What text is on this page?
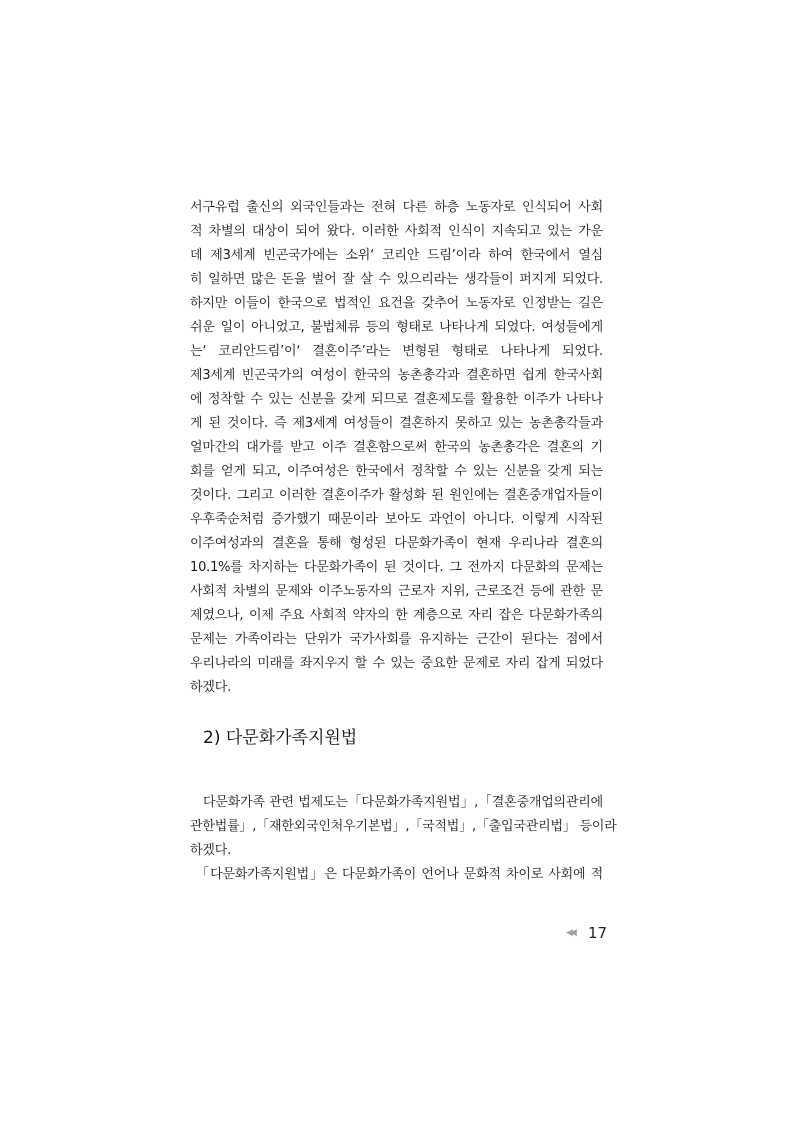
서구유럽 출신의 외국인들과는 전혀 다른 하층 노동자로 인식되어 사회
적 차별의 대상이 되어 왔다. 이러한 사회적 인식이 지속되고 있는 가운
데 제3세계 빈곤국가에는 소위‘ 코리안 드림’이라 하여 한국에서 열심
히 일하면 많은 돈을 벌어 잘 살 수 있으리라는 생각들이 퍼지게 되었다.
하지만 이들이 한국으로 법적인 요건을 갖추어 노동자로 인정받는 길은
쉬운 일이 아니었고, 불법체류 등의 형태로 나타나게 되었다. 여성들에게
는‘ 코리안드림’이‘ 결혼이주’라는 변형된 형태로 나타나게 되었다.
제3세계 빈곤국가의 여성이 한국의 농촌총각과 결혼하면 쉽게 한국사회
에 정착할 수 있는 신분을 갖게 되므로 결혼제도를 활용한 이주가 나타나
게 된 것이다. 즉 제3세계 여성들이 결혼하지 못하고 있는 농촌총각들과
얼마간의 대가를 받고 이주 결혼함으로써 한국의 농촌총각은 결혼의 기
회를 얻게 되고, 이주여성은 한국에서 정착할 수 있는 신분을 갖게 되는
것이다. 그리고 이러한 결혼이주가 활성화 된 원인에는 결혼중개업자들이
우후죽순처럼 증가했기 때문이라 보아도 과언이 아니다. 이렇게 시작된
이주여성과의 결혼을 통해 형성된 다문화가족이 현재 우리나라 결혼의
10.1%를 차지하는 다문화가족이 된 것이다. 그 전까지 다문화의 문제는
사회적 차별의 문제와 이주노동자의 근로자 지위, 근로조건 등에 관한 문
제였으나, 이제 주요 사회적 약자의 한 계층으로 자리 잡은 다문화가족의
문제는 가족이라는 단위가 국가사회를 유지하는 근간이 된다는 점에서
우리나라의 미래를 좌지우지 할 수 있는 중요한 문제로 자리 잡게 되었다
하겠다.
2) 다문화가족지원법
다문화가족 관련 법제도는「다문화가족지원법」,「결혼중개업의관리에
관한법률」,「재한외국인처우기본법」,「국적법」,「출입국관리법」 등이라
하겠다.
「다문화가족지원법」은 다문화가족이 언어나 문화적 차이로 사회에 적
◀◀ 17
